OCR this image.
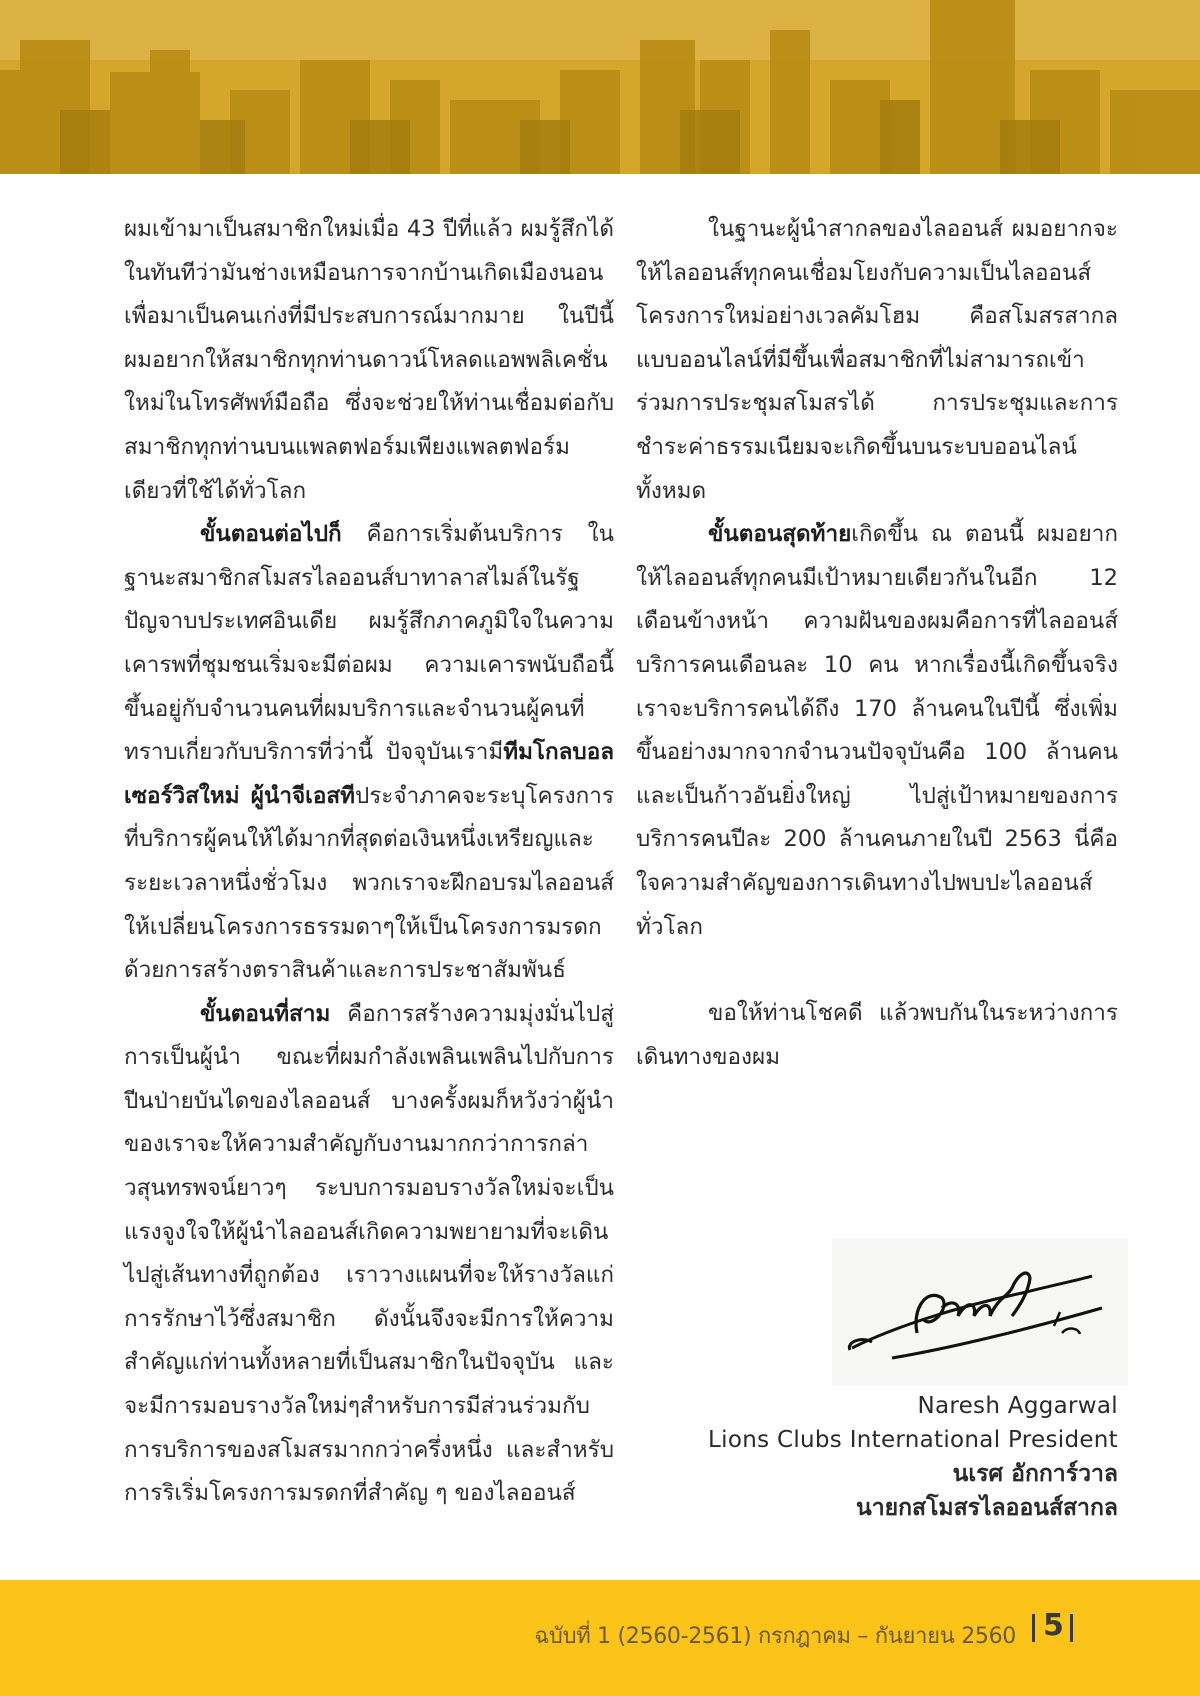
ผมเข้ามาเป็นสมาชิกใหม่เมื่อ 43 ปีที่แล้ว ผมรู้สึกได้ในทันทีว่ามันช่างเหมือนการจากบ้านเกิดเมืองนอนเพื่อมาเป็นคนเก่งที่มีประสบการณ์มากมาย ในปีนี้ผมอยากให้สมาชิกทุกท่านดาวน์โหลดแอพพลิเคชั่นใหม่ในโทรศัพท์มือถือ ซึ่งจะช่วยให้ท่านเชื่อมต่อกับสมาชิกทุกท่านบนแพลตฟอร์มเพียงแพลตฟอร์มเดียวที่ใช้ได้ทั่วโลก

ขั้นตอนต่อไปก็ คือการเริ่มต้นบริการ ในฐานะสมาชิกสโมสรไลออนส์บาทาลาสไมล์ในรัฐปัญจาบประเทศอินเดีย ผมรู้สึกภาคภูมิใจในความเคารพที่ชุมชนเริ่มจะมีต่อผม ความเคารพนับถือนี้ขึ้นอยู่กับจำนวนคนที่ผมบริการและจำนวนผู้คนที่ทราบเกี่ยวกับบริการที่ว่านี้ ปัจจุบันเรามีทีมโกลบอลเซอร์วิสใหม่ ผู้นำจีเอสทีประจำภาคจะระบุโครงการที่บริการผู้คนให้ได้มากที่สุดต่อเงินหนึ่งเหรียญและระยะเวลาหนึ่งชั่วโมง พวกเราจะฝึกอบรมไลออนส์ให้เปลี่ยนโครงการธรรมดาๆให้เป็นโครงการมรดกด้วยการสร้างตราสินค้าและการประชาสัมพันธ์

ขั้นตอนที่สาม คือการสร้างความมุ่งมั่นไปสู่การเป็นผู้นำ ขณะที่ผมกำลังเพลินเพลินไปกับการปีนป่ายบันไดของไลออนส์ บางครั้งผมก็หวังว่าผู้นำของเราจะให้ความสำคัญกับงานมากกว่าการกล่าวสุนทรพจน์ยาวๆ ระบบการมอบรางวัลใหม่จะเป็นแรงจูงใจให้ผู้นำไลออนส์เกิดความพยายามที่จะเดินไปสู่เส้นทางที่ถูกต้อง เราวางแผนที่จะให้รางวัลแก่การรักษาไว้ซึ่งสมาชิก ดังนั้นจึงจะมีการให้ความสำคัญแก่ท่านทั้งหลายที่เป็นสมาชิกในปัจจุบัน และจะมีการมอบรางวัลใหม่ๆสำหรับการมีส่วนร่วมกับการบริการของสโมสรมากกว่าครึ่งหนึ่ง และสำหรับการริเริ่มโครงการมรดกที่สำคัญ ๆ ของไลออนส์

ในฐานะผู้นำสากลของไลออนส์ ผมอยากจะให้ไลออนส์ทุกคนเชื่อมโยงกับความเป็นไลออนส์ โครงการใหม่อย่างเวลคัมโฮม คือสโมสรสากลแบบออนไลน์ที่มีขึ้นเพื่อสมาชิกที่ไม่สามารถเข้าร่วมการประชุมสโมสรได้ การประชุมและการชำระค่าธรรมเนียมจะเกิดขึ้นบนระบบออนไลน์ทั้งหมด

ขั้นตอนสุดท้ายเกิดขึ้น ณ ตอนนี้ ผมอยากให้ไลออนส์ทุกคนมีเป้าหมายเดียวกันในอีก 12 เดือนข้างหน้า ความฝันของผมคือการที่ไลออนส์บริการคนเดือนละ 10 คน หากเรื่องนี้เกิดขึ้นจริง เราจะบริการคนได้ถึง 170 ล้านคนในปีนี้ ซึ่งเพิ่มขึ้นอย่างมากจากจำนวนปัจจุบันคือ 100 ล้านคน และเป็นก้าวอันยิ่งใหญ่ ไปสู่เป้าหมายของการบริการคนปีละ 200 ล้านคนภายในปี 2563 นี่คือใจความสำคัญของการเดินทางไปพบปะไลออนส์ทั่วโลก

ขอให้ท่านโชคดี แล้วพบกันในระหว่างการเดินทางของผม

Naresh Aggarwal
Lions Clubs International President
นเรศ อักการ์วาล
นายกสโมสรไลออนส์สากล
ฉบับที่ 1 (2560-2561) กรกฎาคม – กันยายน 2560 5
